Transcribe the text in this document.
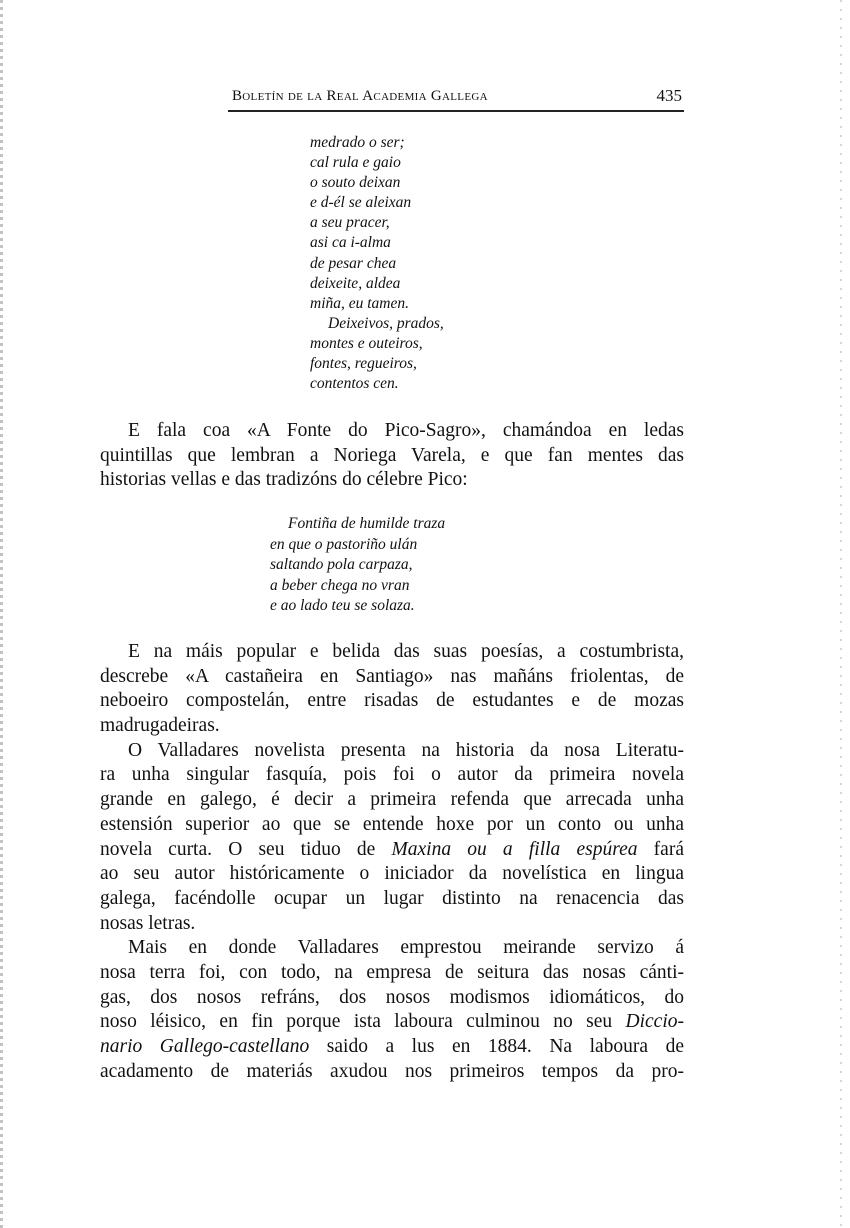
Boletín de la Real Academia Gallega	435
medrado o ser;
cal rula e gaio
o souto deixan
e d-él se aleixan
a seu pracer,
asi ca i-alma
de pesar chea
deixeite, aldea
miña, eu tamen.
Deixeivos, prados,
montes e outeiros,
fontes, regueiros,
contentos cen.
E fala coa «A Fonte do Pico-Sagro», chamándoa en ledas
quintillas que lembran a Noriega Varela, e que fan mentes das
historias vellas e das tradizóns do célebre Pico:
Fontiña de humilde traza
en que o pastoriño ulán
saltando pola carpaza,
a beber chega no vran
e ao lado teu se solaza.
E na máis popular e belida das suas poesías, a costumbrista,
descrebe «A castañeira en Santiago» nas mañáns friolentas, de
neboeiro compostelán, entre risadas de estudantes e de mozas
madrugadeiras.
O Valladares novelista presenta na historia da nosa Literatu-
ra unha singular fasquía, pois foi o autor da primeira novela
grande en galego, é decir a primeira refenda que arrecada unha
estensión superior ao que se entende hoxe por un conto ou unha
novela curta. O seu tiduo de Maxina ou a filla espúrea fará
ao seu autor históricamente o iniciador da novelística en lingua
galega, facéndolle ocupar un lugar distinto na renacencia das
nosas letras.
Mais en donde Valladares emprestou meirande servizo á
nosa terra foi, con todo, na empresa de seitura das nosas cánti-
gas, dos nosos refráns, dos nosos modismos idiomáticos, do
noso léisico, en fin porque ista laboura culminou no seu Diccio-
nario Gallego-castellano saido a lus en 1884. Na laboura de
acadamento de materiás axudou nos primeiros tempos da pro-
